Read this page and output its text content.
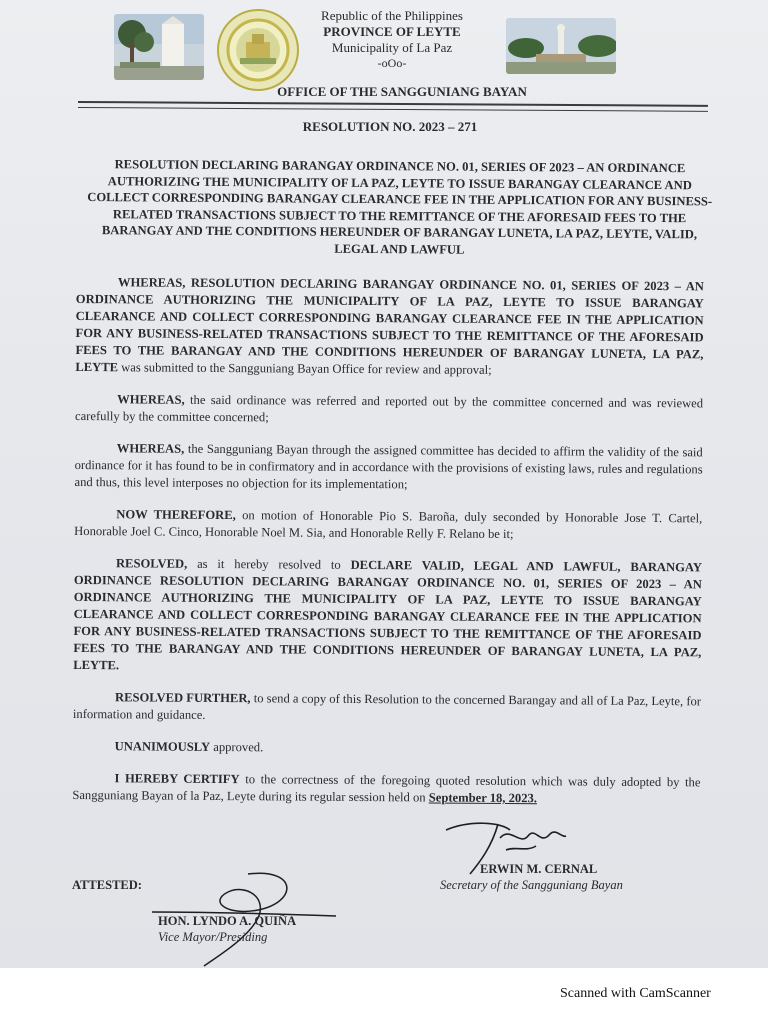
Republic of the Philippines
PROVINCE OF LEYTE
Municipality of La Paz
-oOo-
OFFICE OF THE SANGGUNIANG BAYAN
RESOLUTION NO. 2023 – 271
RESOLUTION DECLARING BARANGAY ORDINANCE NO. 01, SERIES OF 2023 – AN ORDINANCE AUTHORIZING THE MUNICIPALITY OF LA PAZ, LEYTE TO ISSUE BARANGAY CLEARANCE AND COLLECT CORRESPONDING BARANGAY CLEARANCE FEE IN THE APPLICATION FOR ANY BUSINESS-RELATED TRANSACTIONS SUBJECT TO THE REMITTANCE OF THE AFORESAID FEES TO THE BARANGAY AND THE CONDITIONS HEREUNDER OF BARANGAY LUNETA, LA PAZ, LEYTE, VALID, LEGAL AND LAWFUL

WHEREAS, RESOLUTION DECLARING BARANGAY ORDINANCE NO. 01, SERIES OF 2023 – AN ORDINANCE AUTHORIZING THE MUNICIPALITY OF LA PAZ, LEYTE TO ISSUE BARANGAY CLEARANCE AND COLLECT CORRESPONDING BARANGAY CLEARANCE FEE IN THE APPLICATION FOR ANY BUSINESS-RELATED TRANSACTIONS SUBJECT TO THE REMITTANCE OF THE AFORESAID FEES TO THE BARANGAY AND THE CONDITIONS HEREUNDER OF BARANGAY LUNETA, LA PAZ, LEYTE was submitted to the Sangguniang Bayan Office for review and approval;

WHEREAS, the said ordinance was referred and reported out by the committee concerned and was reviewed carefully by the committee concerned;

WHEREAS, the Sangguniang Bayan through the assigned committee has decided to affirm the validity of the said ordinance for it has found to be in confirmatory and in accordance with the provisions of existing laws, rules and regulations and thus, this level interposes no objection for its implementation;

NOW THEREFORE, on motion of Honorable Pio S. Baroña, duly seconded by Honorable Jose T. Cartel, Honorable Joel C. Cinco, Honorable Noel M. Sia, and Honorable Relly F. Relano be it;

RESOLVED, as it hereby resolved to DECLARE VALID, LEGAL AND LAWFUL, BARANGAY ORDINANCE RESOLUTION DECLARING BARANGAY ORDINANCE NO. 01, SERIES OF 2023 – AN ORDINANCE AUTHORIZING THE MUNICIPALITY OF LA PAZ, LEYTE TO ISSUE BARANGAY CLEARANCE AND COLLECT CORRESPONDING BARANGAY CLEARANCE FEE IN THE APPLICATION FOR ANY BUSINESS-RELATED TRANSACTIONS SUBJECT TO THE REMITTANCE OF THE AFORESAID FEES TO THE BARANGAY AND THE CONDITIONS HEREUNDER OF BARANGAY LUNETA, LA PAZ, LEYTE.

RESOLVED FURTHER, to send a copy of this Resolution to the concerned Barangay and all of La Paz, Leyte, for information and guidance.

UNANIMOUSLY approved.

I HEREBY CERTIFY to the correctness of the foregoing quoted resolution which was duly adopted by the Sangguniang Bayan of la Paz, Leyte during its regular session held on September 18, 2023.

ERWIN M. CERNAL
Secretary of the Sangguniang Bayan
ATTESTED:
HON. LYNDO A. QUIÑA
Vice Mayor/Presiding
Scanned with CamScanner
